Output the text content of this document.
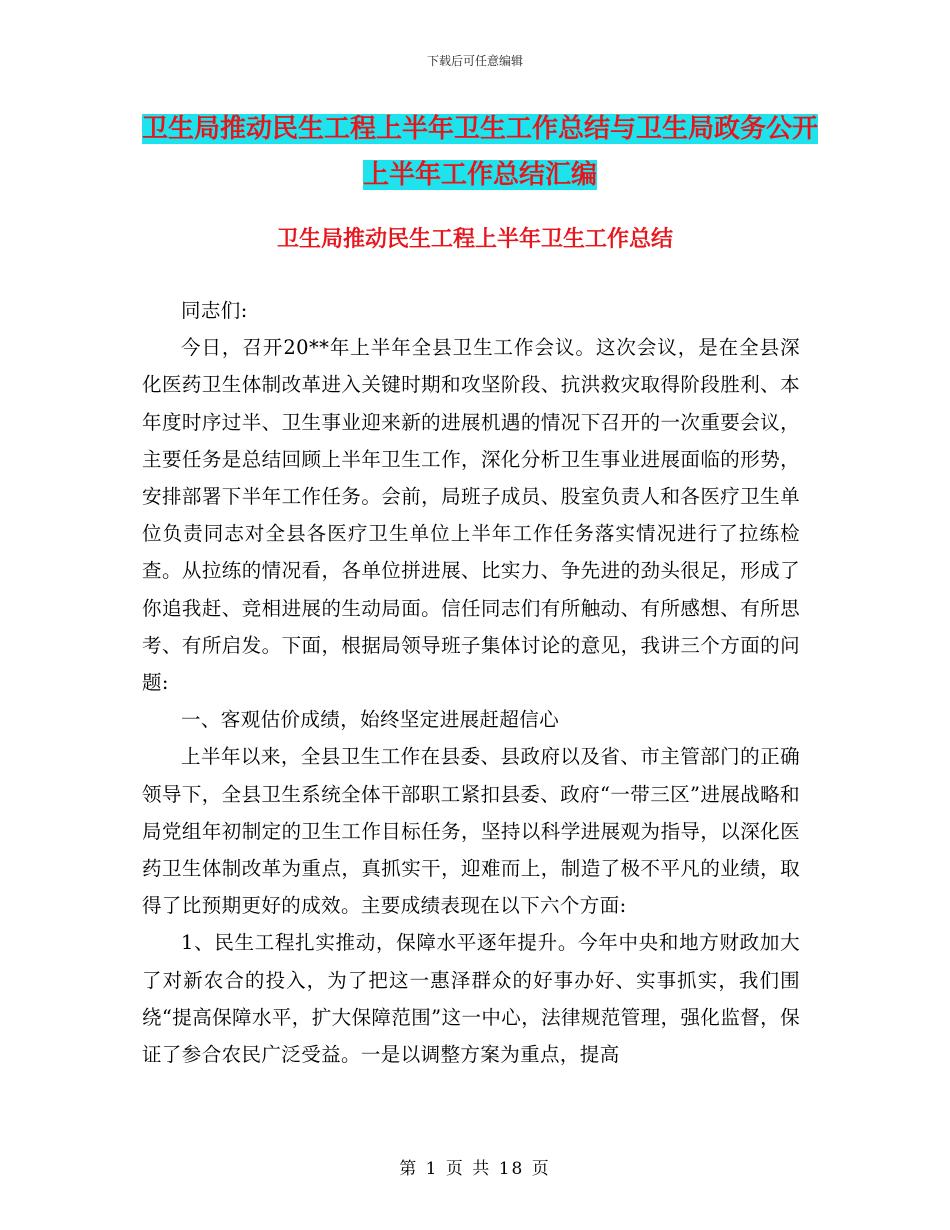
下载后可任意编辑
卫生局推动民生工程上半年卫生工作总结与卫生局政务公开上半年工作总结汇编
卫生局推动民生工程上半年卫生工作总结

同志们:

今日，召开20**年上半年全县卫生工作会议。这次会议，是在全县深化医药卫生体制改革进入关键时期和攻坚阶段、抗洪救灾取得阶段胜利、本年度时序过半、卫生事业迎来新的进展机遇的情况下召开的一次重要会议，主要任务是总结回顾上半年卫生工作，深化分析卫生事业进展面临的形势，安排部署下半年工作任务。会前，局班子成员、股室负责人和各医疗卫生单位负责同志对全县各医疗卫生单位上半年工作任务落实情况进行了拉练检查。从拉练的情况看，各单位拼进展、比实力、争先进的劲头很足，形成了你追我赶、竞相进展的生动局面。信任同志们有所触动、有所感想、有所思考、有所启发。下面，根据局领导班子集体讨论的意见，我讲三个方面的问题:

一、客观估价成绩，始终坚定进展赶超信心

上半年以来，全县卫生工作在县委、县政府以及省、市主管部门的正确领导下，全县卫生系统全体干部职工紧扣县委、政府“一带三区”进展战略和局党组年初制定的卫生工作目标任务，坚持以科学进展观为指导，以深化医药卫生体制改革为重点，真抓实干，迎难而上，制造了极不平凡的业绩，取得了比预期更好的成效。主要成绩表现在以下六个方面:

1、民生工程扎实推动，保障水平逐年提升。今年中央和地方财政加大了对新农合的投入，为了把这一惠泽群众的好事办好、实事抓实，我们围绕“提高保障水平，扩大保障范围”这一中心，法律规范管理，强化监督，保证了参合农民广泛受益。一是以调整方案为重点，提高

第 1 页 共 18 页
